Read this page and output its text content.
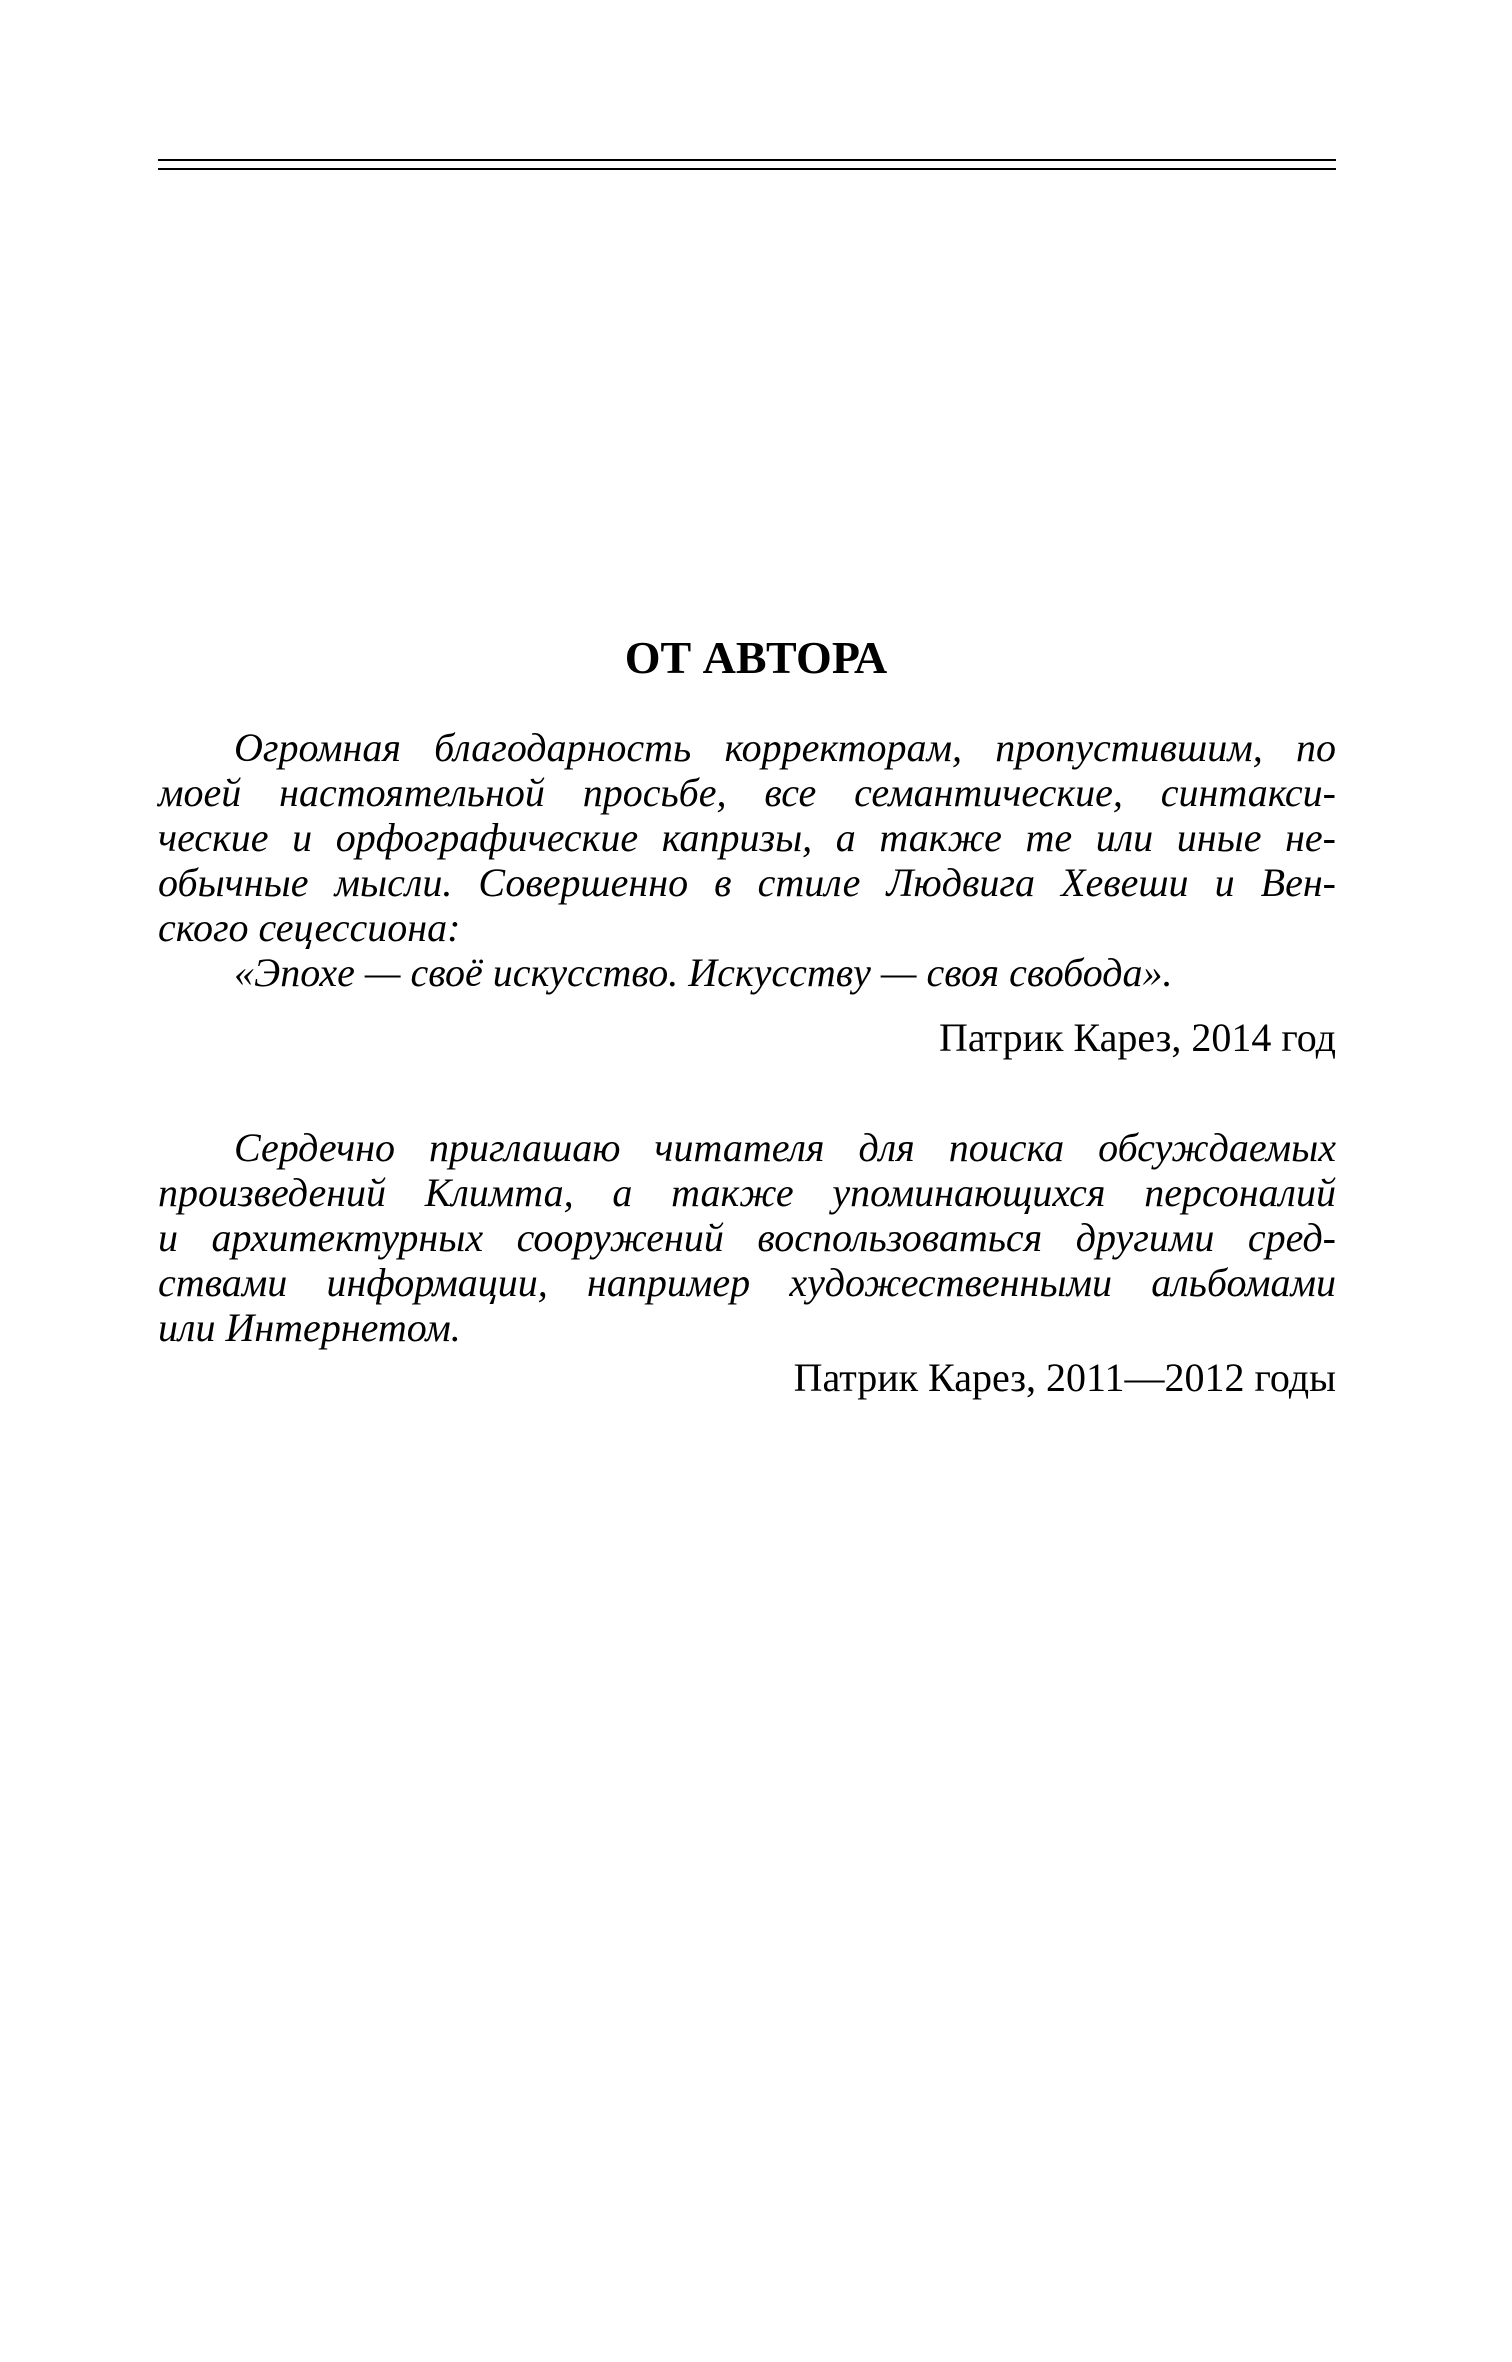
ОТ АВТОРА
Огромная благодарность корректорам, пропустившим, по
моей настоятельной просьбе, все семантические, синтакси-
ческие и орфографические капризы, а также те или иные не-
обычные мысли. Совершенно в стиле Людвига Хевеши и Вен-
ского сецессиона:
«Эпохе — своё искусство. Искусству — своя свобода».
Патрик Карез, 2014 год
Сердечно приглашаю читателя для поиска обсуждаемых
произведений Климта, а также упоминающихся персоналий
и архитектурных сооружений воспользоваться другими сред-
ствами информации, например художественными альбомами
или Интернетом.
Патрик Карез, 2011—2012 годы
